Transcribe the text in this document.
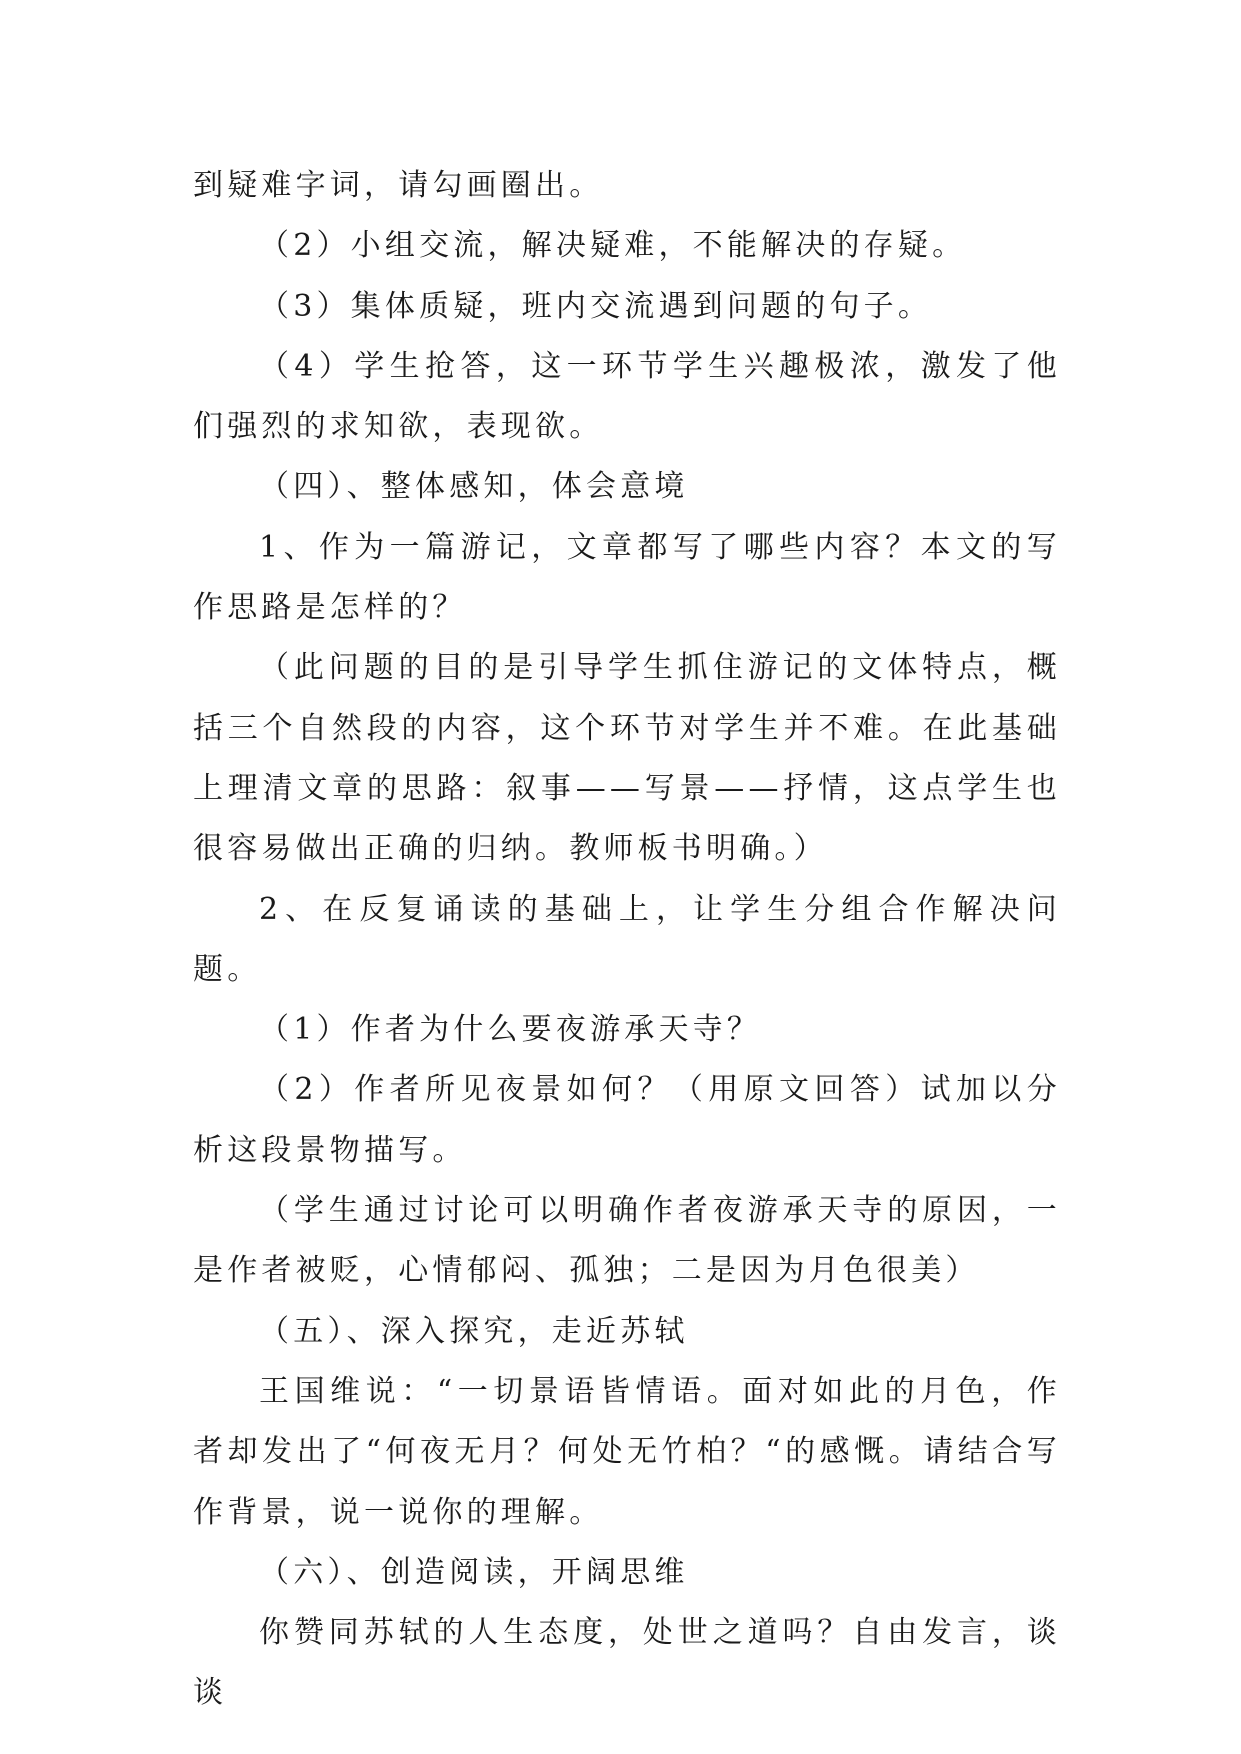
到疑难字词，请勾画圈出。

（2）小组交流，解决疑难，不能解决的存疑。

（3）集体质疑，班内交流遇到问题的句子。

（4）学生抢答，这一环节学生兴趣极浓，激发了他们强烈的求知欲，表现欲。

（四）、整体感知，体会意境

1、作为一篇游记，文章都写了哪些内容？本文的写作思路是怎样的？

（此问题的目的是引导学生抓住游记的文体特点，概括三个自然段的内容，这个环节对学生并不难。在此基础上理清文章的思路：叙事——写景——抒情，这点学生也很容易做出正确的归纳。教师板书明确。）

2、在反复诵读的基础上，让学生分组合作解决问题。

（1）作者为什么要夜游承天寺？

（2）作者所见夜景如何？（用原文回答）试加以分析这段景物描写。

（学生通过讨论可以明确作者夜游承天寺的原因，一是作者被贬，心情郁闷、孤独；二是因为月色很美）

（五）、深入探究，走近苏轼

王国维说：“一切景语皆情语。面对如此的月色，作者却发出了“何夜无月？何处无竹柏？“的感慨。请结合写作背景，说一说你的理解。

（六）、创造阅读，开阔思维

你赞同苏轼的人生态度，处世之道吗？自由发言，谈谈
